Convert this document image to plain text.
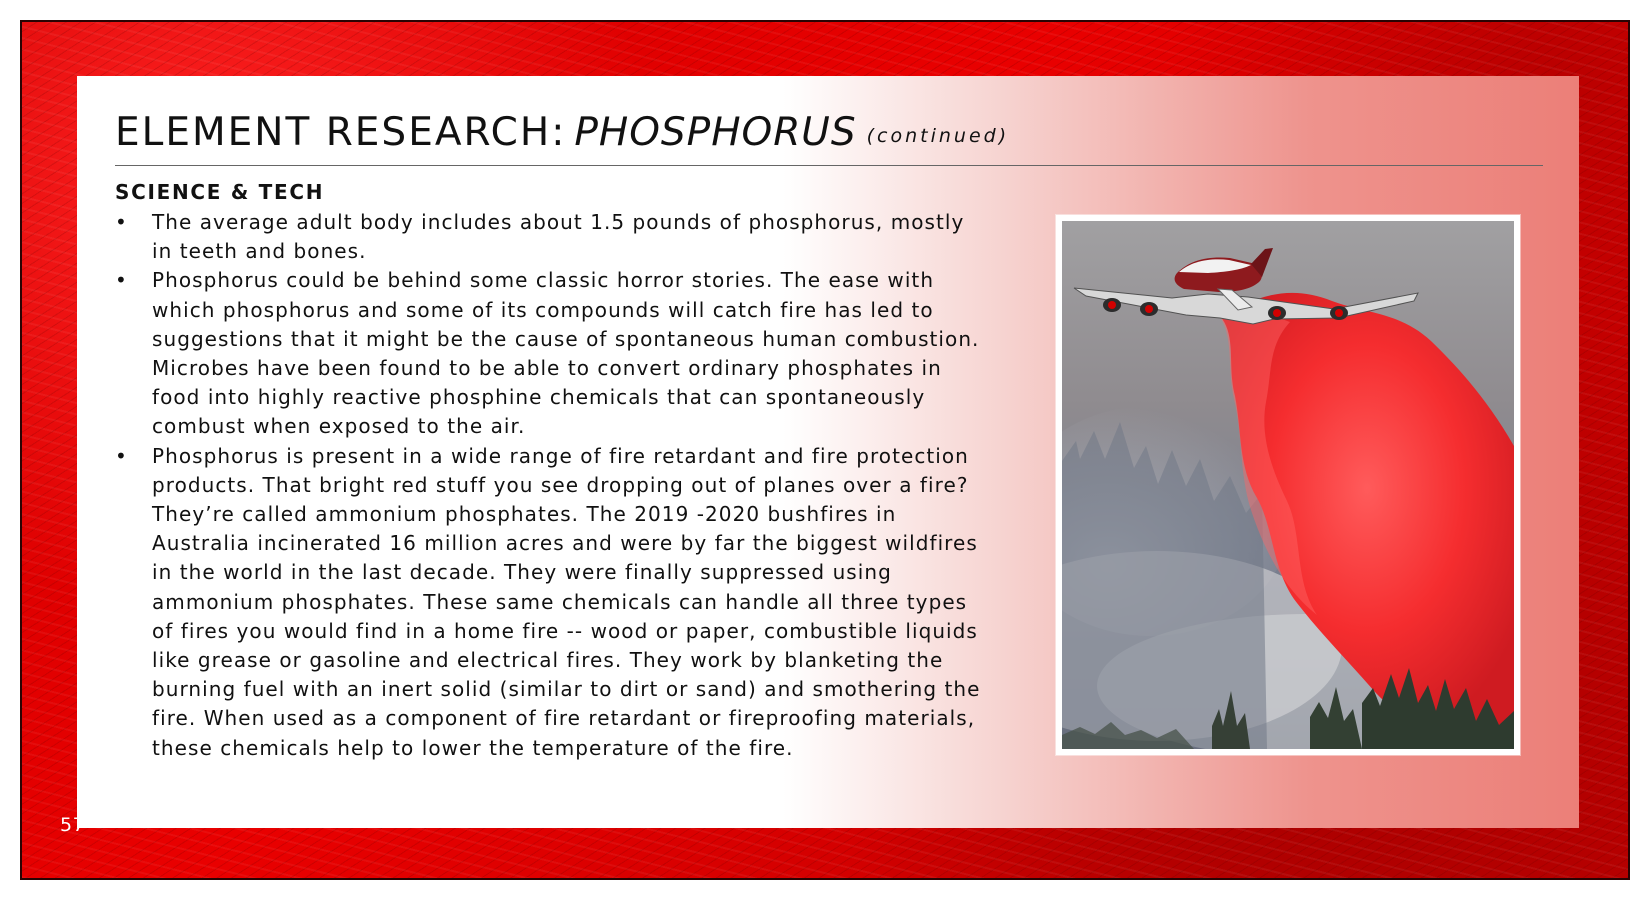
ELEMENT RESEARCH: PHOSPHORUS (continued)
SCIENCE & TECH
•	The average adult body includes about 1.5 pounds of phosphorus, mostly in teeth and bones.
•	Phosphorus could be behind some classic horror stories. The ease with which phosphorus and some of its compounds will catch fire has led to suggestions that it might be the cause of spontaneous human combustion. Microbes have been found to be able to convert ordinary phosphates in food into highly reactive phosphine chemicals that can spontaneously combust when exposed to the air.
•	Phosphorus is present in a wide range of fire retardant and fire protection products. That bright red stuff you see dropping out of planes over a fire? They’re called ammonium phosphates. The 2019 -2020 bushfires in Australia incinerated 16 million acres and were by far the biggest wildfires in the world in the last decade. They were finally suppressed using ammonium phosphates. These same chemicals can handle all three types of fires you would find in a home fire -- wood or paper, combustible liquids like grease or gasoline and electrical fires. They work by blanketing the burning fuel with an inert solid (similar to dirt or sand) and smothering the fire. When used as a component of fire retardant or fireproofing materials, these chemicals help to lower the temperature of the fire.
57
